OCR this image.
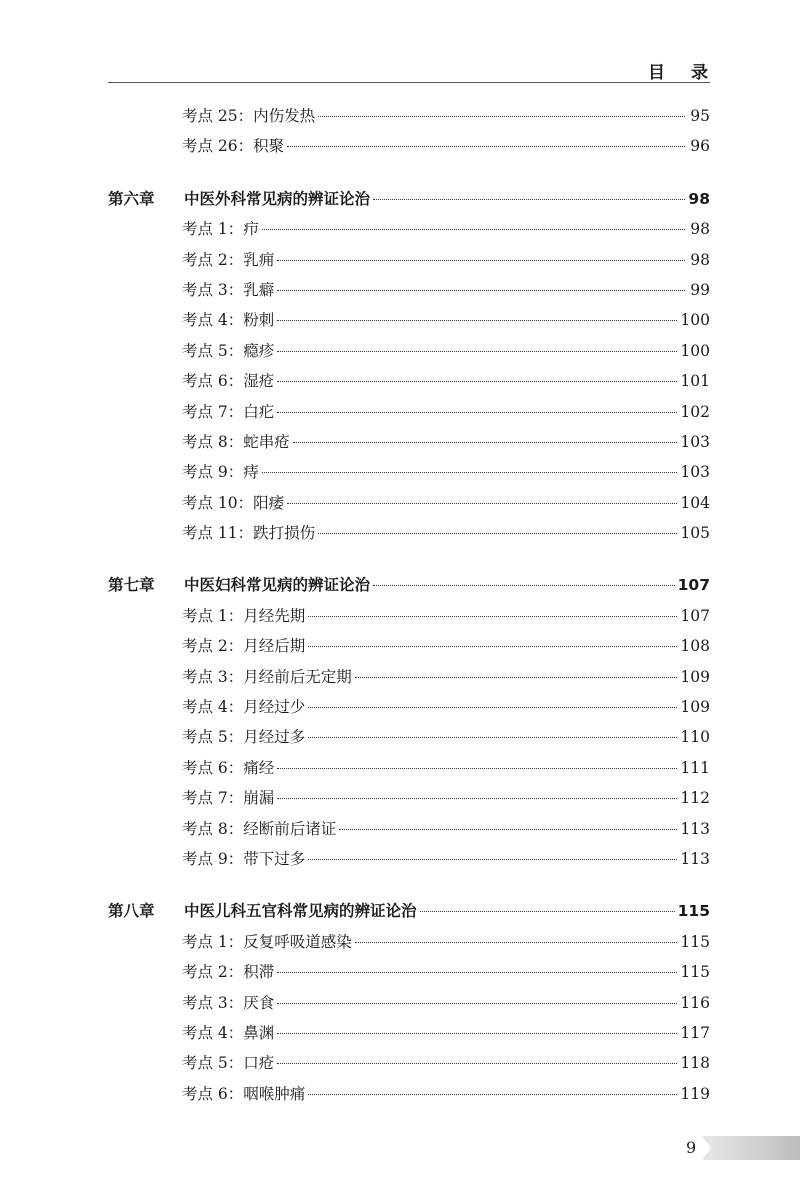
目录
考点 25：内伤发热	95
考点 26：积聚	96
第六章	中医外科常见病的辨证论治	98
考点 1：疖	98
考点 2：乳痈	98
考点 3：乳癖	99
考点 4：粉刺	100
考点 5：瘾疹	100
考点 6：湿疮	101
考点 7：白疕	102
考点 8：蛇串疮	103
考点 9：痔	103
考点 10：阳痿	104
考点 11：跌打损伤	105
第七章	中医妇科常见病的辨证论治	107
考点 1：月经先期	107
考点 2：月经后期	108
考点 3：月经前后无定期	109
考点 4：月经过少	109
考点 5：月经过多	110
考点 6：痛经	111
考点 7：崩漏	112
考点 8：经断前后诸证	113
考点 9：带下过多	113
第八章	中医儿科五官科常见病的辨证论治	115
考点 1：反复呼吸道感染	115
考点 2：积滞	115
考点 3：厌食	116
考点 4：鼻渊	117
考点 5：口疮	118
考点 6：咽喉肿痛	119
9
